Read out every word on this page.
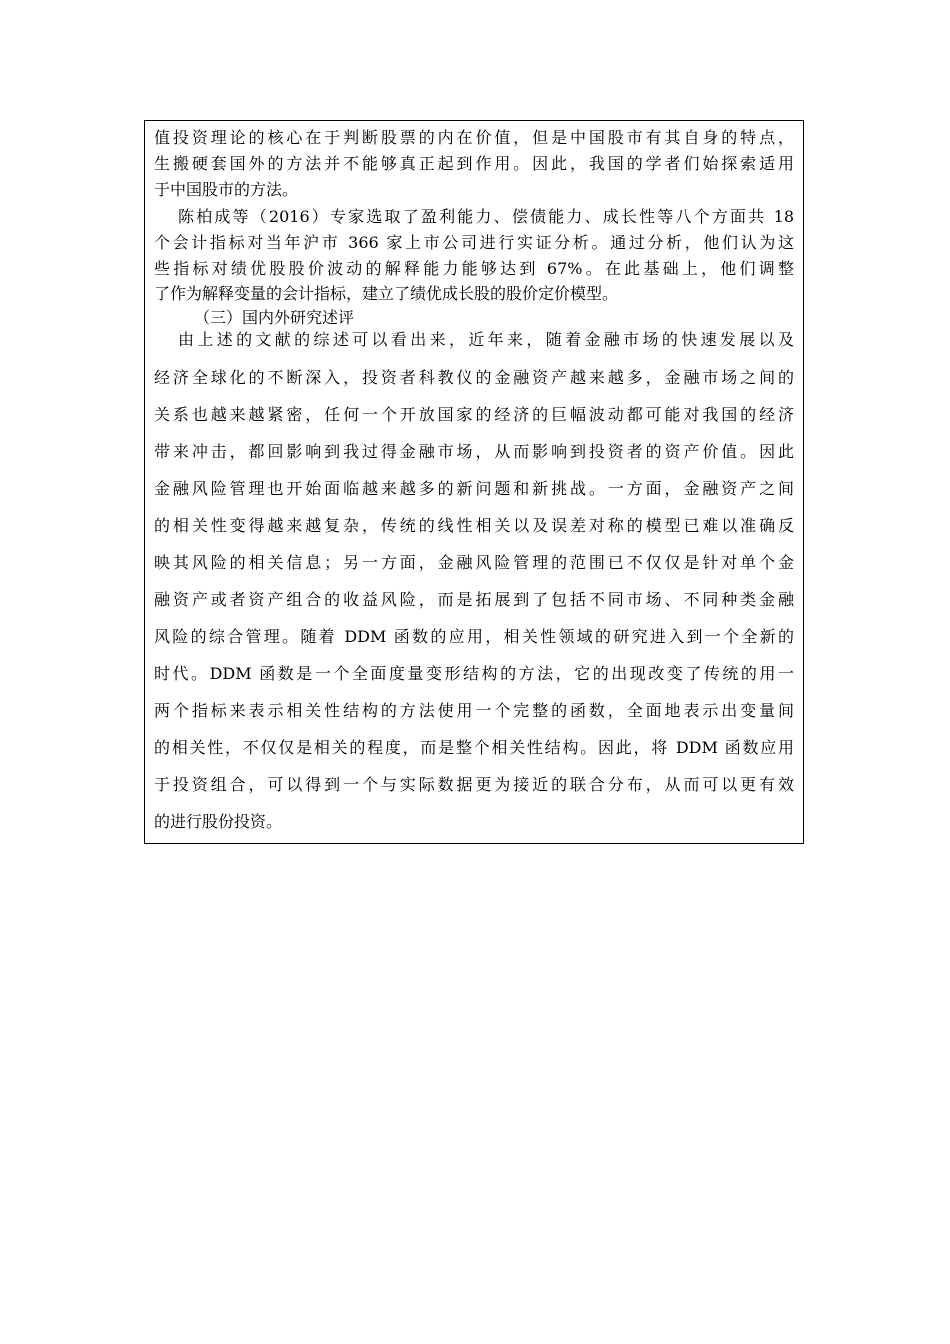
值投资理论的核心在于判断股票的内在价值，但是中国股市有其自身的特点，
生搬硬套国外的方法并不能够真正起到作用。因此，我国的学者们始探索适用
于中国股市的方法。
陈柏成等（2016）专家选取了盈利能力、偿债能力、成长性等八个方面共 18
个会计指标对当年沪市 366 家上市公司进行实证分析。通过分析，他们认为这
些指标对绩优股股价波动的解释能力能够达到 67%。在此基础上，他们调整
了作为解释变量的会计指标，建立了绩优成长股的股价定价模型。
（三）国内外研究述评
由上述的文献的综述可以看出来，近年来，随着金融市场的快速发展以及
经济全球化的不断深入，投资者科教仪的金融资产越来越多，金融市场之间的
关系也越来越紧密，任何一个开放国家的经济的巨幅波动都可能对我国的经济
带来冲击，都回影响到我过得金融市场，从而影响到投资者的资产价值。因此
金融风险管理也开始面临越来越多的新问题和新挑战。一方面，金融资产之间
的相关性变得越来越复杂，传统的线性相关以及误差对称的模型已难以准确反
映其风险的相关信息；另一方面，金融风险管理的范围已不仅仅是针对单个金
融资产或者资产组合的收益风险，而是拓展到了包括不同市场、不同种类金融
风险的综合管理。随着 DDM 函数的应用，相关性领域的研究进入到一个全新的
时代。DDM 函数是一个全面度量变形结构的方法，它的出现改变了传统的用一
两个指标来表示相关性结构的方法使用一个完整的函数，全面地表示出变量间
的相关性，不仅仅是相关的程度，而是整个相关性结构。因此，将 DDM 函数应用
于投资组合，可以得到一个与实际数据更为接近的联合分布，从而可以更有效
的进行股份投资。
